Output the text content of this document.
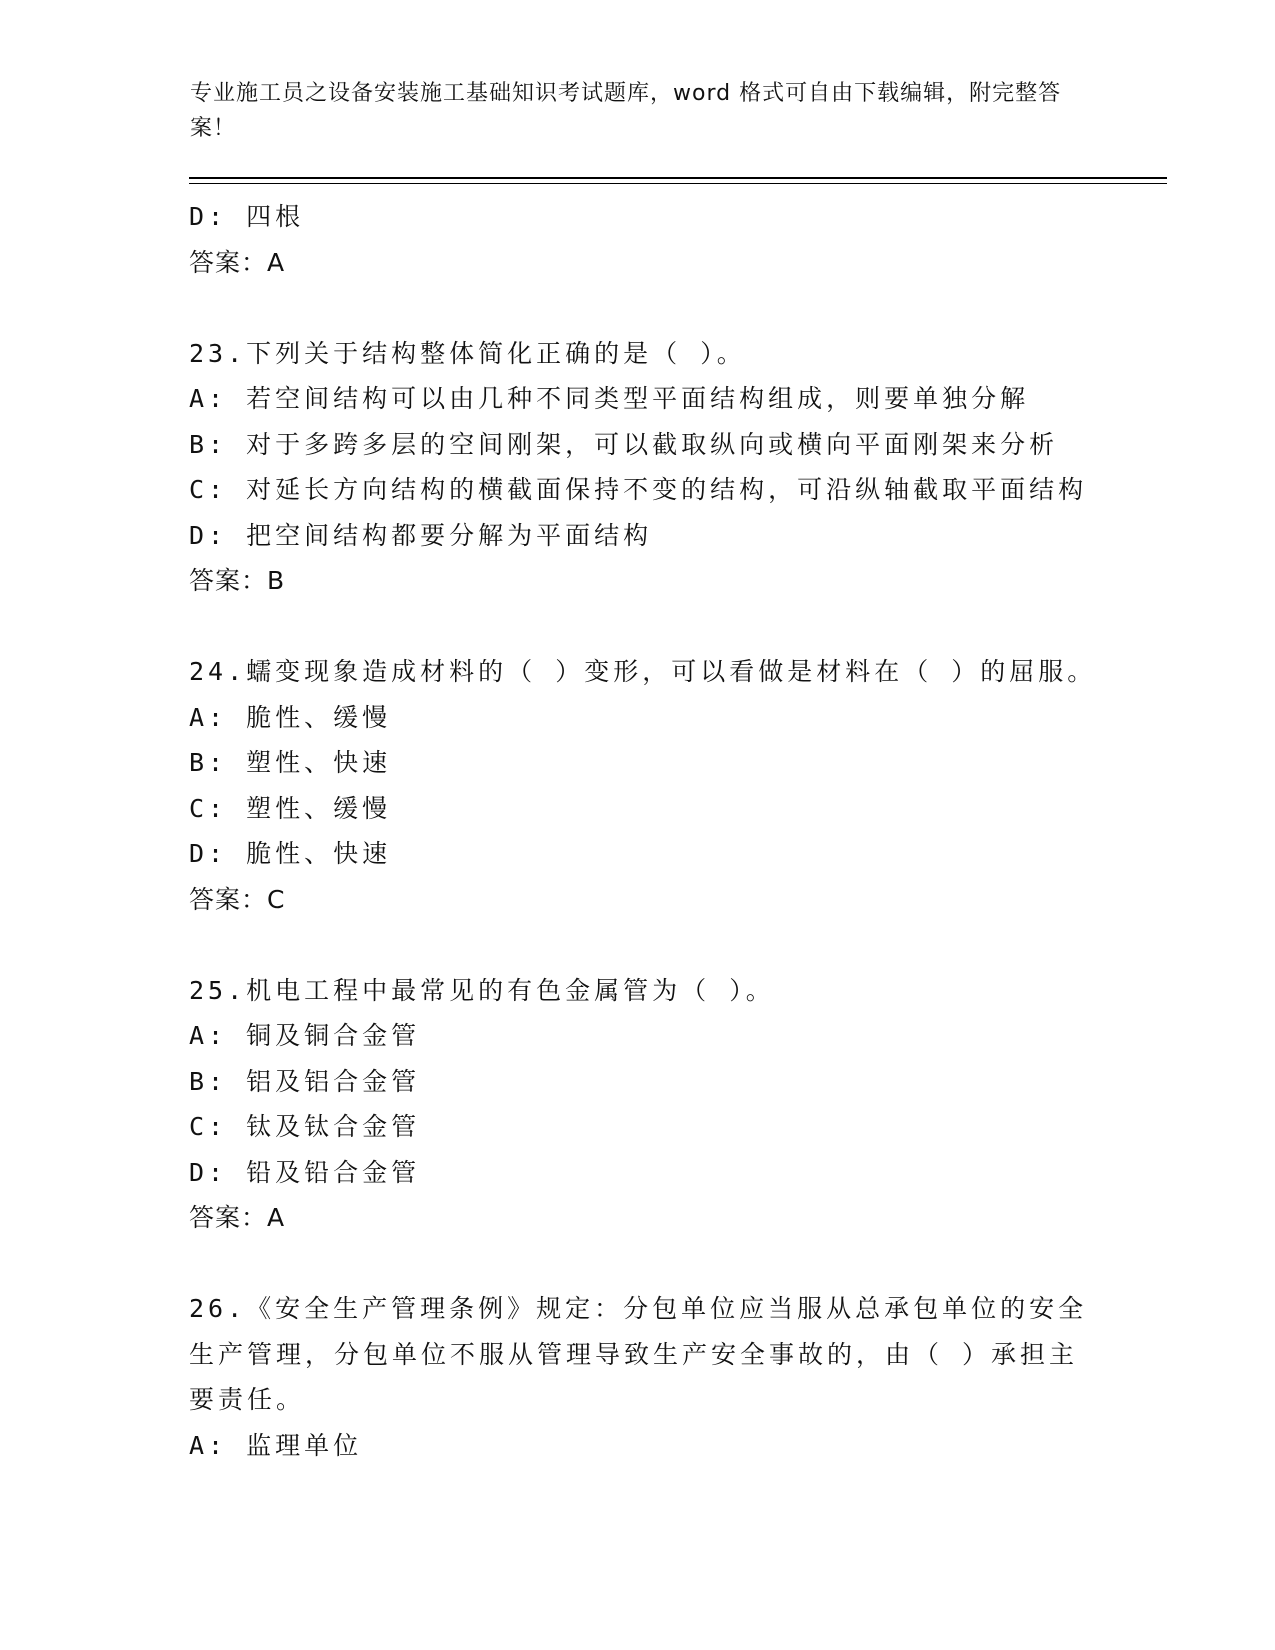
专业施工员之设备安装施工基础知识考试题库，word 格式可自由下载编辑，附完整答案！
D: 四根
答案：A
23.下列关于结构整体简化正确的是（ ）。
A: 若空间结构可以由几种不同类型平面结构组成，则要单独分解
B: 对于多跨多层的空间刚架，可以截取纵向或横向平面刚架来分析
C: 对延长方向结构的横截面保持不变的结构，可沿纵轴截取平面结构
D: 把空间结构都要分解为平面结构
答案：B
24.蠕变现象造成材料的（ ）变形，可以看做是材料在（ ）的屈服。
A: 脆性、缓慢
B: 塑性、快速
C: 塑性、缓慢
D: 脆性、快速
答案：C
25.机电工程中最常见的有色金属管为（ ）。
A: 铜及铜合金管
B: 铝及铝合金管
C: 钛及钛合金管
D: 铅及铅合金管
答案：A
26.《安全生产管理条例》规定：分包单位应当服从总承包单位的安全生产管理，分包单位不服从管理导致生产安全事故的，由（ ）承担主要责任。
A: 监理单位
